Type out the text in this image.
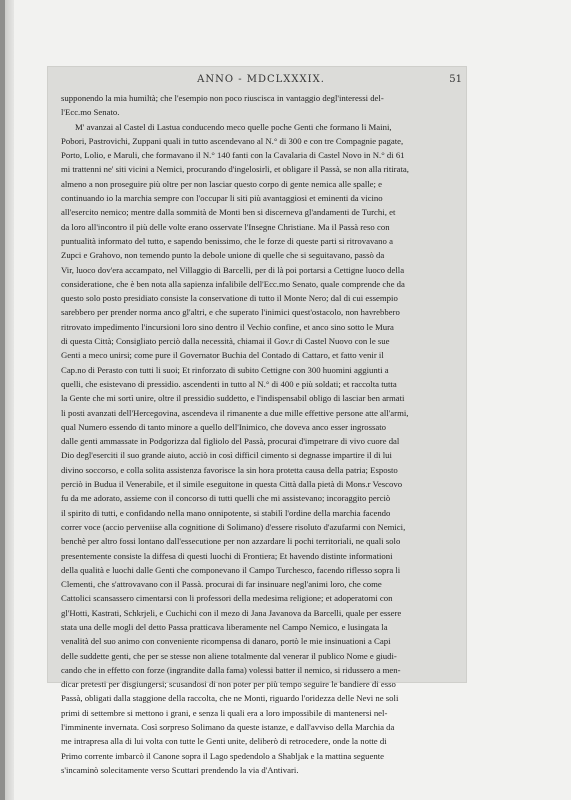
ANNO - MDCLXXXIX.	51
supponendo la mia humiltà; che l'esempio non poco riuscisca in vantaggio degl'interessi del-
l'Ecc.mo Senato.
M' avanzai al Castel di Lastua conducendo meco quelle poche Genti che formano li Maini,
Pobori, Pastrovichi, Zuppani quali in tutto ascendevano al N.° di 300 e con tre Compagnie pagate,
Porto, Lolio, e Maruli, che formavano il N.° 140 fanti con la Cavalaria di Castel Novo in N.° di 61
mi trattenni ne' siti vicini a Nemici, procurando d'ingelosirli, et obligare il Passà, se non alla ritirata,
almeno a non proseguire più oltre per non lasciar questo corpo di gente nemica alle spalle; e
continuando io la marchia sempre con l'occupar li siti più avantaggiosi et eminenti da vicino
all'esercito nemico; mentre dalla sommità de Monti ben si discerneva gl'andamenti de Turchi, et
da loro all'incontro il più delle volte erano osservate l'Insegne Christiane. Ma il Passà reso con
puntualità informato del tutto, e sapendo benissimo, che le forze di queste parti si ritrovavano a
Zupci e Grahovo, non temendo punto la debole unione di quelle che si seguitavano, passò da
Vir, luoco dov'era accampato, nel Villaggio di Barcelli, per di là poi portarsi a Cettigne luoco della
consideratione, che è ben nota alla sapienza infalibile dell'Ecc.mo Senato, quale comprende che da
questo solo posto presidiato consiste la conservatione di tutto il Monte Nero; dal di cui essempio
sarebbero per prender norma anco gl'altri, e che superato l'inimici quest'ostacolo, non havrebbero
ritrovato impedimento l'incursioni loro sino dentro il Vechio confine, et anco sino sotto le Mura
di questa Città; Consigliato perciò dalla necessità, chiamai il Gov.r di Castel Nuovo con le sue
Genti a meco unirsi; come pure il Governator Buchia del Contado di Cattaro, et fatto venir il
Cap.no di Perasto con tutti li suoi; Et rinforzato di subito Cettigne con 300 huomini aggiunti a
quelli, che esistevano di pressidio. ascendenti in tutto al N.° di 400 e più soldati; et raccolta tutta
la Gente che mi sortì unire, oltre il pressidio suddetto, e l'indispensabil obligo di lasciar ben armati
li posti avanzati dell'Hercegovina, ascendeva il rimanente a due mille effettive persone atte all'armi,
qual Numero essendo di tanto minore a quello dell'Inimico, che doveva anco esser ingrossato
dalle genti ammassate in Podgorizza dal figliolo del Passà, procurai d'impetrare di vivo cuore dal
Dio degl'eserciti il suo grande aiuto, acciò in così difficil cimento si degnasse impartire il di lui
divino soccorso, e colla solita assistenza favorisce la sin hora protetta causa della patria; Esposto
perciò in Budua il Venerabile, et il simile eseguitone in questa Città dalla pietà di Mons.r Vescovo
fu da me adorato, assieme con il concorso di tutti quelli che mi assistevano; incoraggito perciò
il spirito di tutti, e confidando nella mano onnipotente, si stabilì l'ordine della marchia facendo
correr voce (accio perveniise alla cognitione di Solimano) d'essere risoluto d'azufarmi con Nemici,
benchè per altro fossi lontano dall'essecutione per non azzardare li pochi territoriali, ne quali solo
presentemente consiste la diffesa di questi luochi di Frontiera; Et havendo distinte informationi
della qualità e luochi dalle Genti che componevano il Campo Turchesco, facendo riflesso sopra li
Clementi, che s'attrovavano con il Passà. procurai di far insinuare negl'animi loro, che come
Cattolici scansassero cimentarsi con li professori della medesima religione; et adoperatomi con
gl'Hotti, Kastrati, Schkrjeli, e Cuchichi con il mezo di Jana Javanova da Barcelli, quale per essere
stata una delle mogli del detto Passa pratticava liberamente nel Campo Nemico, e lusingata la
venalità del suo animo con conveniente ricompensa di danaro, portò le mie insinuationi a Capi
delle suddette genti, che per se stesse non aliene totalmente dal venerar il publico Nome e giudi-
cando che in effetto con forze (ingrandite dalla fama) volessi batter il nemico, si ridussero a men-
dicar pretesti per disgiungersi; scusandosi di non poter per più tempo seguire le bandiere di esso
Passà, obligati dalla staggione della raccolta, che ne Monti, riguardo l'oridezza delle Nevi ne soli
primi di settembre si mettono i grani, e senza li quali era a loro impossibile di mantenersi nel-
l'imminente invernata. Così sorpreso Solimano da queste istanze, e dall'avviso della Marchia da
me intrapresa alla di lui volta con tutte le Genti unite, deliberò di retrocedere, onde la notte di
Primo corrente imbarcò il Canone sopra il Lago spedendolo a Shabljak e la mattina seguente
s'incaminò solecitamente verso Scuttari prendendo la via d'Antivari.
